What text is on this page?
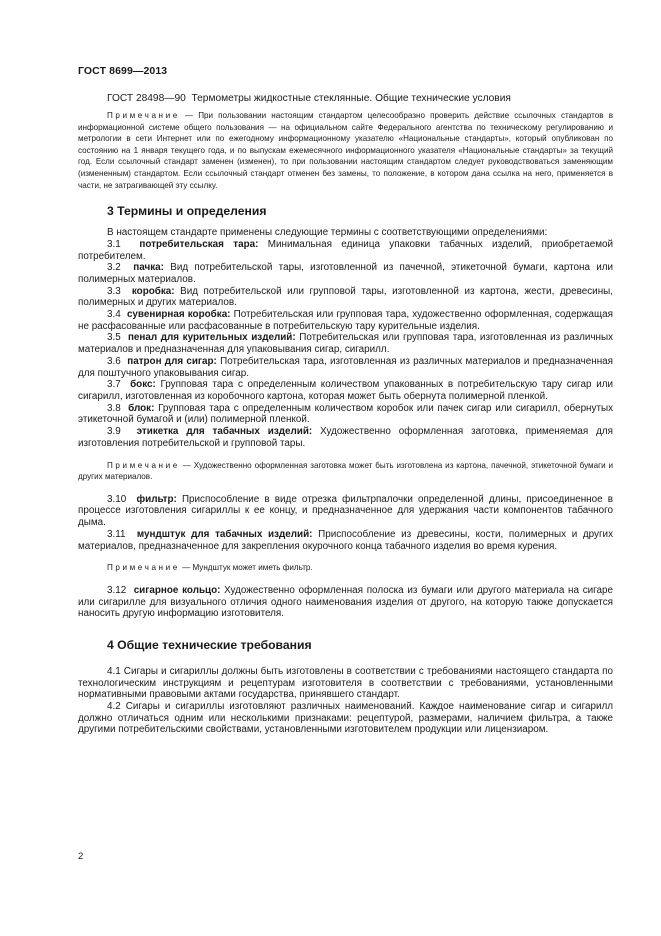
ГОСТ 8699—2013

ГОСТ 28498—90 Термометры жидкостные стеклянные. Общие технические условия

Примечание — При пользовании настоящим стандартом целесообразно проверить действие ссылочных стандартов в информационной системе общего пользования — на официальном сайте Федерального агентства по техническому регулированию и метрологии в сети Интернет или по ежегодному информационному указателю «Национальные стандарты», который опубликован по состоянию на 1 января текущего года, и по выпускам ежемесячного информационного указателя «Национальные стандарты» за текущий год. Если ссылочный стандарт заменен (изменен), то при пользовании настоящим стандартом следует руководствоваться заменяющим (измененным) стандартом. Если ссылочный стандарт отменен без замены, то положение, в котором дана ссылка на него, применяется в части, не затрагивающей эту ссылку.

3 Термины и определения

В настоящем стандарте применены следующие термины с соответствующими определениями:

3.1 потребительская тара: Минимальная единица упаковки табачных изделий, приобретаемой потребителем.

3.2 пачка: Вид потребительской тары, изготовленной из пачечной, этикеточной бумаги, картона или полимерных материалов.

3.3 коробка: Вид потребительской или групповой тары, изготовленной из картона, жести, древесины, полимерных и других материалов.

3.4 сувенирная коробка: Потребительская или групповая тара, художественно оформленная, содержащая не расфасованные или расфасованные в потребительскую тару курительные изделия.

3.5 пенал для курительных изделий: Потребительская или групповая тара, изготовленная из различных материалов и предназначенная для упаковывания сигар, сигарилл.

3.6 патрон для сигар: Потребительская тара, изготовленная из различных материалов и предназначенная для поштучного упаковывания сигар.

3.7 бокс: Групповая тара с определенным количеством упакованных в потребительскую тару сигар или сигарилл, изготовленная из коробочного картона, которая может быть обернута полимерной пленкой.

3.8 блок: Групповая тара с определенным количеством коробок или пачек сигар или сигарилл, обернутых этикеточной бумагой и (или) полимерной пленкой.

3.9 этикетка для табачных изделий: Художественно оформленная заготовка, применяемая для изготовления потребительской и групповой тары.

Примечание — Художественно оформленная заготовка может быть изготовлена из картона, пачечной, этикеточной бумаги и других материалов.

3.10 фильтр: Приспособление в виде отрезка фильтрпалочки определенной длины, присоединенное в процессе изготовления сигариллы к ее концу, и предназначенное для удержания части компонентов табачного дыма.

3.11 мундштук для табачных изделий: Приспособление из древесины, кости, полимерных и других материалов, предназначенное для закрепления окурочного конца табачного изделия во время курения.

Примечание — Мундштук может иметь фильтр.

3.12 сигарное кольцо: Художественно оформленная полоска из бумаги или другого материала на сигаре или сигарилле для визуального отличия одного наименования изделия от другого, на которую также допускается наносить другую информацию изготовителя.

4 Общие технические требования

4.1 Сигары и сигариллы должны быть изготовлены в соответствии с требованиями настоящего стандарта по технологическим инструкциям и рецептурам изготовителя в соответствии с требованиями, установленными нормативными правовыми актами государства, принявшего стандарт.

4.2 Сигары и сигариллы изготовляют различных наименований. Каждое наименование сигар и сигарилл должно отличаться одним или несколькими признаками: рецептурой, размерами, наличием фильтра, а также другими потребительскими свойствами, установленными изготовителем продукции или лицензиаром.

2
